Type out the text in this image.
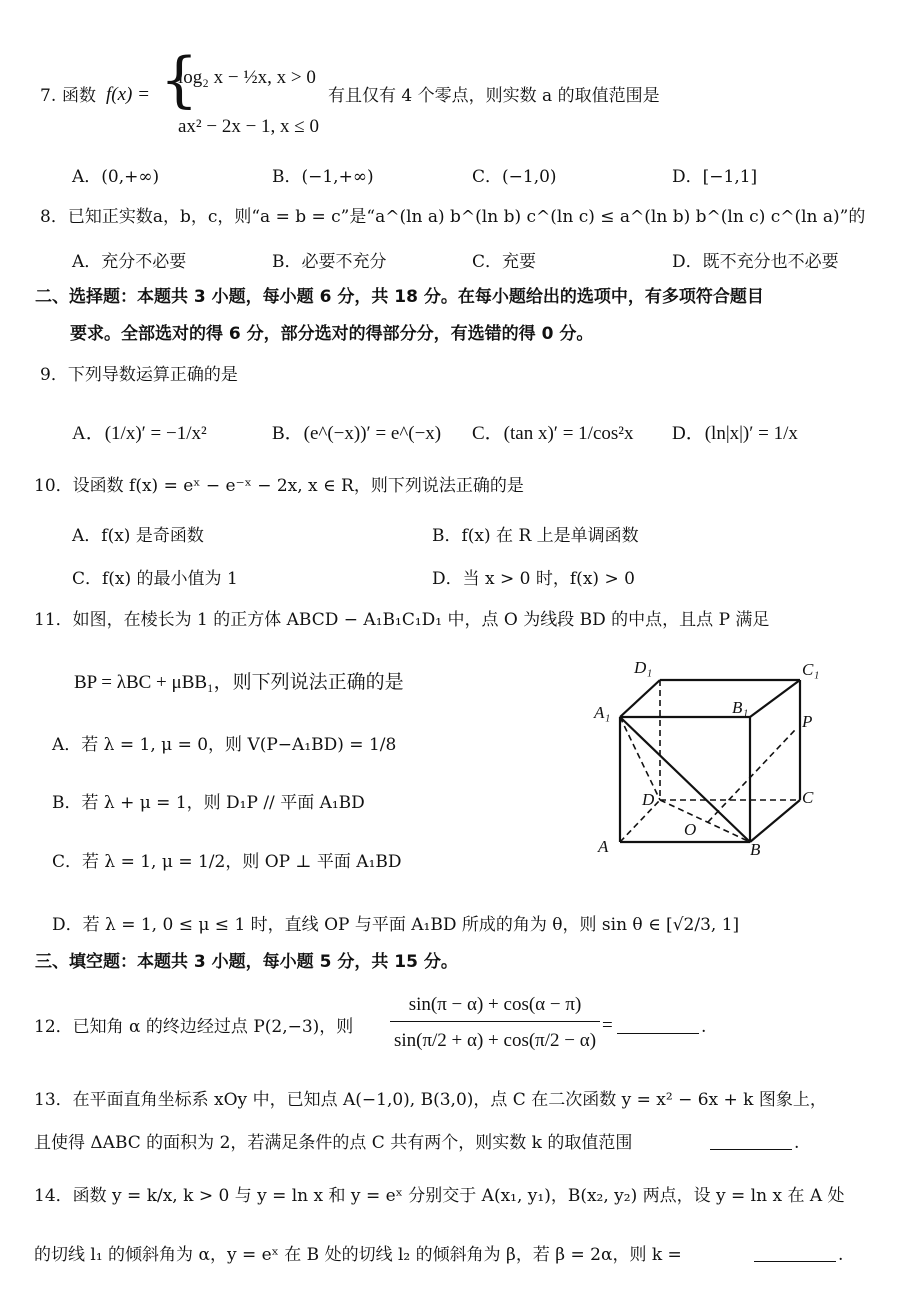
7. 函数 f(x) = {
log₂ x − ½x, x > 0
ax² − 2x − 1, x ≤ 0
有且仅有 4 个零点，则实数 a 的取值范围是
A．(0,+∞)	B．(−1,+∞)	C．(−1,0)	D．[−1,1]
8．已知正实数a，b，c，则“a = b = c”是“a^(ln a) b^(ln b) c^(ln c) ≤ a^(ln b) b^(ln c) c^(ln a)”的
A．充分不必要	B．必要不充分	C．充要	D．既不充分也不必要
二、选择题：本题共 3 小题，每小题 6 分，共 18 分。在每小题给出的选项中，有多项符合题目
要求。全部选对的得 6 分，部分选对的得部分分，有选错的得 0 分。
9．下列导数运算正确的是
A．(1/x)′ = −1/x²	B．(e^(−x))′ = e^(−x) C．(tan x)′ = 1/cos²x D．(ln|x|)′ = 1/x
10．设函数 f(x) = eˣ − e⁻ˣ − 2x, x ∈ R，则下列说法正确的是
A．f(x) 是奇函数	B．f(x) 在 R 上是单调函数
C．f(x) 的最小值为 1	D．当 x > 0 时，f(x) > 0
11．如图，在棱长为 1 的正方体 ABCD − A₁B₁C₁D₁ 中，点 O 为线段 BD 的中点，且点 P 满足
BP = λBC + μBB₁，则下列说法正确的是
A．若 λ = 1, μ = 0，则 V(P−A₁BD) = 1/8
B．若 λ + μ = 1，则 D₁P // 平面 A₁BD
C．若 λ = 1, μ = 1/2，则 OP ⊥ 平面 A₁BD
D．若 λ = 1, 0 ≤ μ ≤ 1 时，直线 OP 与平面 A₁BD 所成的角为 θ，则 sin θ ∈ [√2/3, 1]
D₁	C₁
A₁	B₁
P
D	C
O
A	B
三、填空题：本题共 3 小题，每小题 5 分，共 15 分。
12．已知角 α 的终边经过点 P(2,−3)，则
sin(π − α) + cos(α − π)
sin(π/2 + α) + cos(π/2 − α)
=	.
13．在平面直角坐标系 xOy 中，已知点 A(−1,0), B(3,0)，点 C 在二次函数 y = x² − 6x + k 图象上，
且使得 ΔABC 的面积为 2，若满足条件的点 C 共有两个，则实数 k 的取值范围	.
14．函数 y = k/x, k > 0 与 y = ln x 和 y = eˣ 分别交于 A(x₁, y₁)，B(x₂, y₂) 两点，设 y = ln x 在 A 处
的切线 l₁ 的倾斜角为 α，y = eˣ 在 B 处的切线 l₂ 的倾斜角为 β，若 β = 2α，则 k =	.
